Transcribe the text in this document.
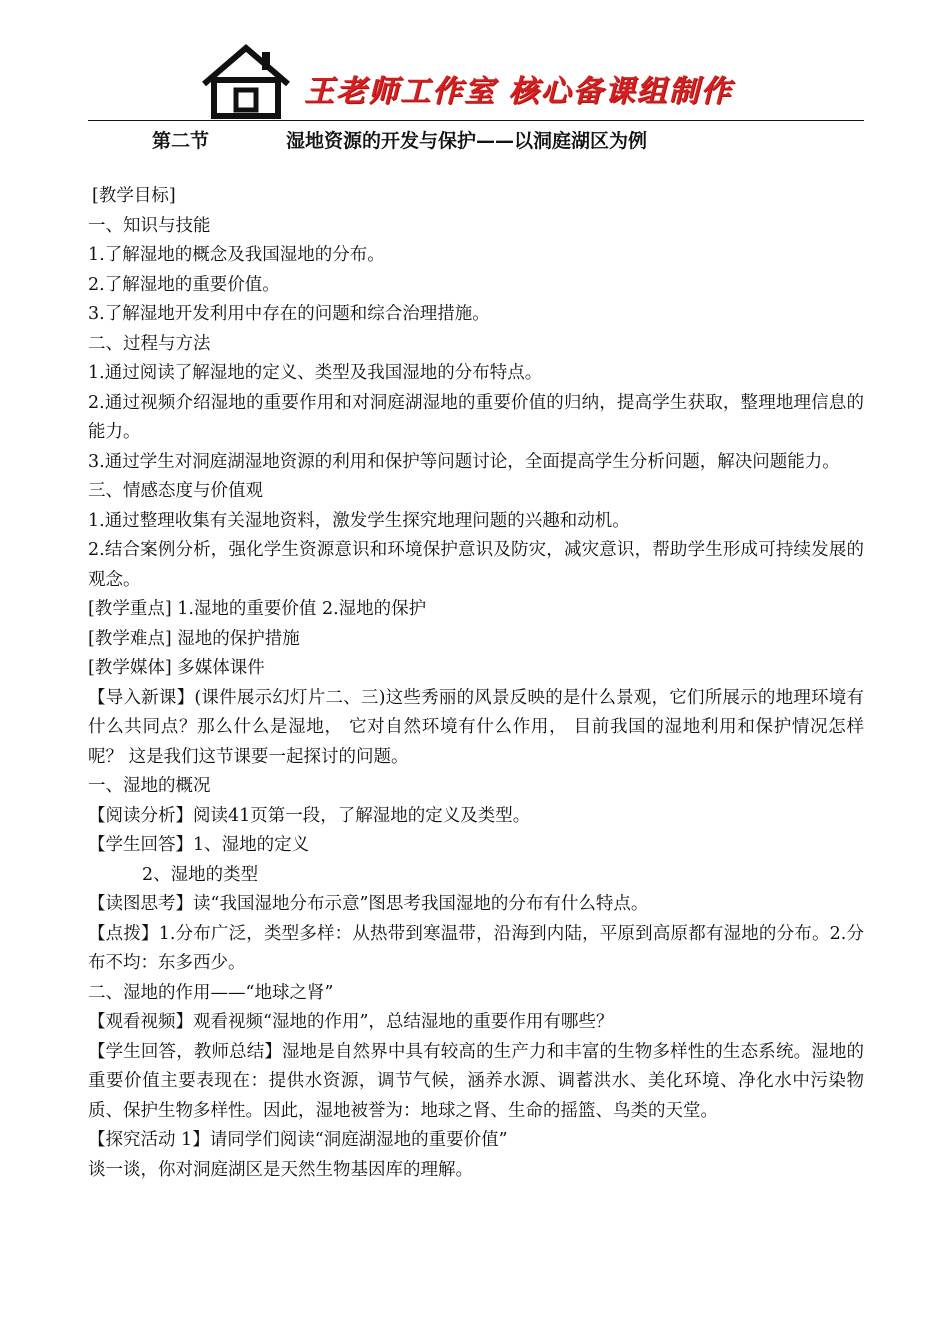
王老师工作室 核心备课组制作
第二节	湿地资源的开发与保护——以洞庭湖区为例

[教学目标]

一、知识与技能

1.了解湿地的概念及我国湿地的分布。

2.了解湿地的重要价值。

3.了解湿地开发利用中存在的问题和综合治理措施。

二、过程与方法

1.通过阅读了解湿地的定义、类型及我国湿地的分布特点。

2.通过视频介绍湿地的重要作用和对洞庭湖湿地的重要价值的归纳，提高学生获取，整理地理信息的能力。

3.通过学生对洞庭湖湿地资源的利用和保护等问题讨论，全面提高学生分析问题，解决问题能力。

三、情感态度与价值观

1.通过整理收集有关湿地资料，激发学生探究地理问题的兴趣和动机。

2.结合案例分析，强化学生资源意识和环境保护意识及防灾，减灾意识，帮助学生形成可持续发展的观念。

[教学重点] 1.湿地的重要价值 2.湿地的保护

[教学难点] 湿地的保护措施

[教学媒体] 多媒体课件

【导入新课】(课件展示幻灯片二、三)这些秀丽的风景反映的是什么景观，它们所展示的地理环境有什么共同点？那么什么是湿地， 它对自然环境有什么作用， 目前我国的湿地利用和保护情况怎样呢？ 这是我们这节课要一起探讨的问题。

一、湿地的概况

【阅读分析】阅读41页第一段，了解湿地的定义及类型。

【学生回答】1、湿地的定义

2、湿地的类型

【读图思考】读“我国湿地分布示意”图思考我国湿地的分布有什么特点。

【点拨】1.分布广泛，类型多样：从热带到寒温带，沿海到内陆，平原到高原都有湿地的分布。2.分布不均：东多西少。

二、湿地的作用——“地球之肾”

【观看视频】观看视频“湿地的作用”，总结湿地的重要作用有哪些？

【学生回答，教师总结】湿地是自然界中具有较高的生产力和丰富的生物多样性的生态系统。湿地的重要价值主要表现在：提供水资源，调节气候，涵养水源、调蓄洪水、美化环境、净化水中污染物质、保护生物多样性。因此，湿地被誉为：地球之肾、生命的摇篮、鸟类的天堂。

【探究活动 1】请同学们阅读“洞庭湖湿地的重要价值”

谈一谈，你对洞庭湖区是天然生物基因库的理解。
